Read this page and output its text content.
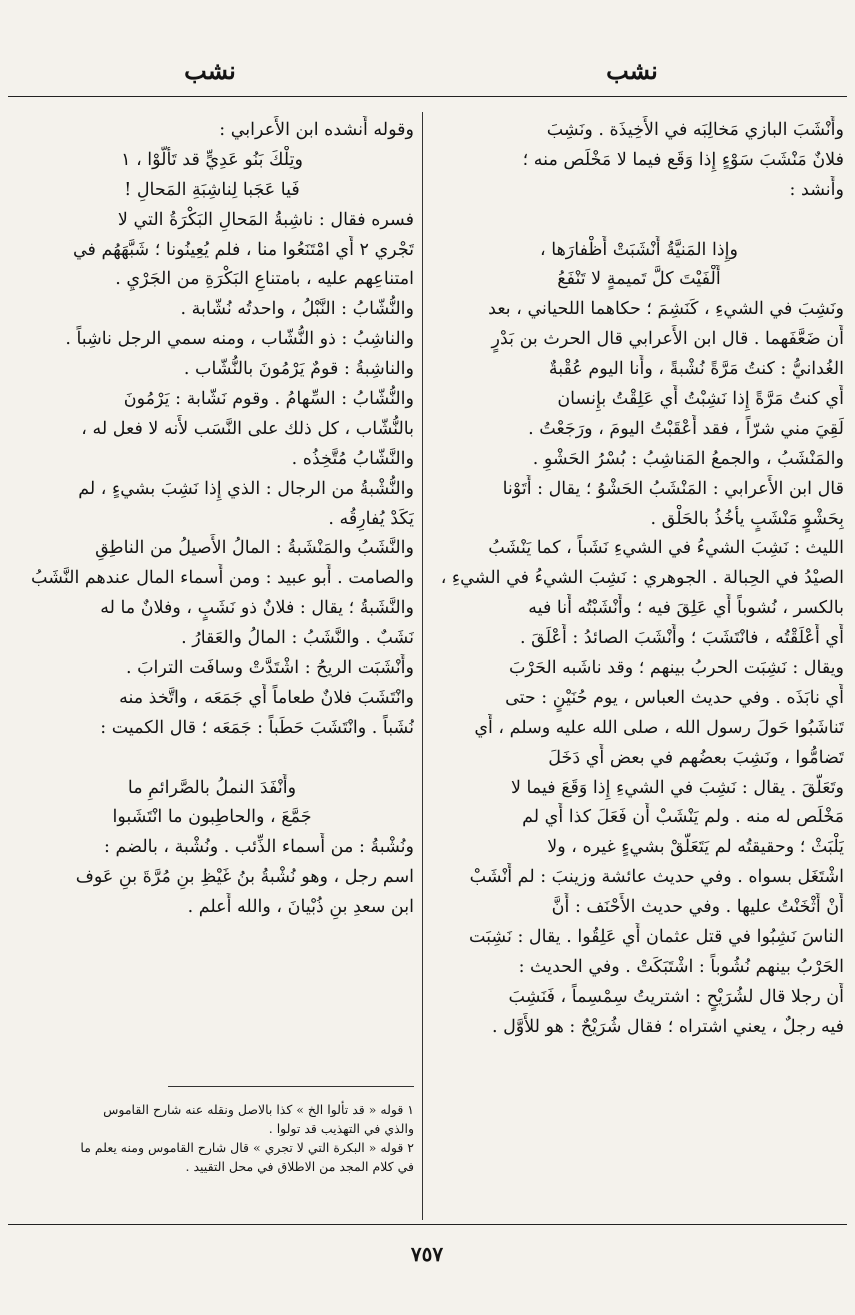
نشب	نشب
وأَنْشَبَ البازي مَخالِبَه في الأَخِيذَة . ونَشِبَ
فلانٌ مَنْشَبَ سَوْءٍ إِذا وَقَع فيما لا مَخْلَص منه ؛
وأَنشد :
وإِذا المَنيَّةُ أَنْشَبَتْ أَظْفارَها ،
أَلْفَيْتَ كلَّ تَميمةٍ لا تَنْفَعُ
ونَشِبَ في الشيءِ ، كَنَشِمَ ؛ حكاهما اللحياني ، بعد
أَن ضَعَّفَهما . قال ابن الأَعرابي قال الحرث بن بَدْرٍ
الغُدانيُّ : كنتُ مَرَّةً نُشْبةً ، وأَنا اليوم عُقْبةٌ
أَي كنتُ مَرَّةً إِذا نَشِبْتُ أَي عَلِقْتُ بإِنسان
لَقِيَ مني شرّاً ، فقد أَعْقَبْتُ اليومَ ، ورَجَعْتُ .
والمَنْشَبُ ، والجمعُ المَناشِبُ : بُسْرُ الحَشْوِ .
قال ابن الأَعرابي : المَنْشَبُ الحَشْوُ ؛ يقال : أَتَوْنا
بِحَشْوٍ مَنْشَبٍ يأْخُذُ بالحَلْق .
الليث : نَشِبَ الشيءُ في الشيءِ نَشَباً ، كما يَنْشَبُ
الصيْدُ في الحِبالة . الجوهري : نَشِبَ الشيءُ في الشيءِ ،
بالكسر ، نُشوباً أَي عَلِقَ فيه ؛ وأَنْشَبْتُه أَنا فيه
أَي أَعْلَقْتُه ، فانْتَشَبَ ؛ وأَنْشَبَ الصائدُ : أَعْلَقَ .
ويقال : نَشِبَت الحربُ بينهم ؛ وقد ناشَبه الحَرْبَ
أَي نابَذَه . وفي حديث العباس ، يوم حُنَيْنٍ : حتى
تَناشَبُوا حَولَ رسول الله ، صلى الله عليه وسلم ، أَي
تَضامُّوا ، ونَشِبَ بعضُهم في بعض أَي دَخَلَ
وتَعَلَّقَ . يقال : نَشِبَ في الشيءِ إِذا وَقَعَ فيما لا
مَخْلَص له منه . ولم يَنْشَبْ أَن فَعَلَ كذا أَي لم
يَلْبَثْ ؛ وحقيقتُه لم يَتَعَلَّقْ بشيءٍ غيره ، ولا
اشْتَغَل بسواه . وفي حديث عائشة وزينبَ : لم أَنْشَبْ
أَنْ أَثْخَنْتُ عليها . وفي حديث الأَحْنَف : أَنَّ
الناسَ نَشِبُوا في قتل عثمان أَي عَلِقُوا . يقال : نَشِبَت
الحَرْبُ بينهم نُشُوباً : اشْتَبَكَتْ . وفي الحديث :
أَن رجلا قال لشُرَيْحٍ : اشتريتُ سِمْسِماً ، فَنَشِبَ
فيه رجلٌ ، يعني اشتراه ؛ فقال شُرَيْحٌ : هو للأَوَّل .
وقوله أَنشده ابن الأَعرابي :
وتِلْكَ بَنُو عَدِيٍّ قد تَأَلَّوْا ، ١
فَيا عَجَبا لِناشِبَةِ المَحالِ !
فسره فقال : ناشِبةُ المَحالِ البَكْرَةُ التي لا
تَجْري ٢ أَي امْتَنَعُوا منا ، فلم يُعِينُونا ؛ شَبَّهَهُم في
امتناعِهم عليه ، بامتناعِ البَكْرَةِ من الجَرْيِ .
والنُّشّابُ : النَّبْلُ ، واحدتُه نُشّابة .
والناشِبُ : ذو النُّشّاب ، ومنه سمي الرجل ناشِباً .
والناشِبةُ : قومٌ يَرْمُونَ بالنُّشّاب .
والنُّشّابُ : السِّهامُ . وقوم نَشّابة : يَرْمُونَ
بالنُّشّاب ، كل ذلك على النَّسَب لأَنه لا فعل له ،
والنَّشّابُ مُتَّخِذُه .
والنُّشْبةُ من الرجال : الذي إِذا نَشِبَ بشيءٍ ، لم
يَكَدْ يُفارِقُه .
والنَّشَبُ والمَنْشَبةُ : المالُ الأَصيلُ من الناطِقِ
والصامت . أَبو عبيد : ومن أَسماء المال عندهم النَّشَبُ
والنَّشَبةُ ؛ يقال : فلانٌ ذو نَشَبٍ ، وفلانٌ ما له
نَشَبٌ . والنَّشَبُ : المالُ والعَقارُ .
وأَنْشَبَت الريحُ : اشْتَدَّتْ وسافَت الترابَ .
وانْتَشَبَ فلانٌ طعاماً أَي جَمَعَه ، واتَّخذ منه
نُشَباً . وانْتَشَبَ حَطَباً : جَمَعَه ؛ قال الكميت :
وأَنْفَدَ النملُ بالصَّرائمِ ما
جَمَّعَ ، والحاطِبون ما انْتَشَبوا
ونُشْبةُ : من أَسماء الذِّئب . ونُشْبة ، بالضم :
اسم رجل ، وهو نُشْبةُ بنُ غَيْظِ بنِ مُرَّةَ بنِ عَوف
ابن سعدِ بنِ ذُبْيانَ ، والله أَعلم .
١ قوله « قد تألوا الخ » كذا بالاصل ونقله عنه شارح القاموس
والذي في التهذيب قد تولوا .
٢ قوله « البكرة التي لا تجري » قال شارح القاموس ومنه يعلم ما
في كلام المجد من الاطلاق في محل التقييد .
٧٥٧
